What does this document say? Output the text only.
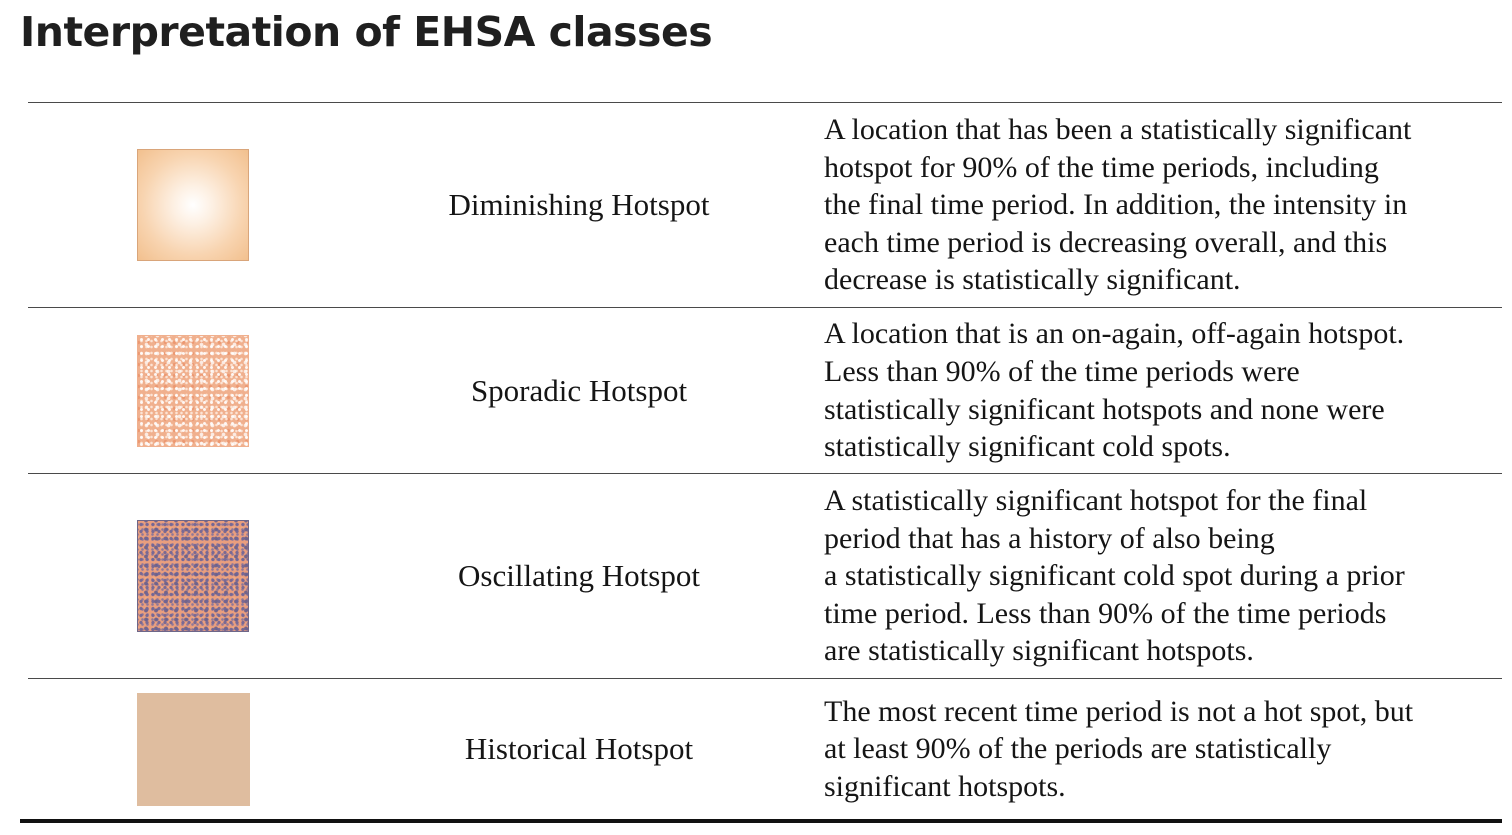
Interpretation of EHSA classes
Diminishing Hotspot
A location that has been a statistically significant
hotspot for 90% of the time periods, including
the final time period. In addition, the intensity in
each time period is decreasing overall, and this
decrease is statistically significant.
Sporadic Hotspot
A location that is an on-again, off-again hotspot.
Less than 90% of the time periods were
statistically significant hotspots and none were
statistically significant cold spots.
Oscillating Hotspot
A statistically significant hotspot for the final
period that has a history of also being
a statistically significant cold spot during a prior
time period. Less than 90% of the time periods
are statistically significant hotspots.
Historical Hotspot
The most recent time period is not a hot spot, but
at least 90% of the periods are statistically
significant hotspots.
